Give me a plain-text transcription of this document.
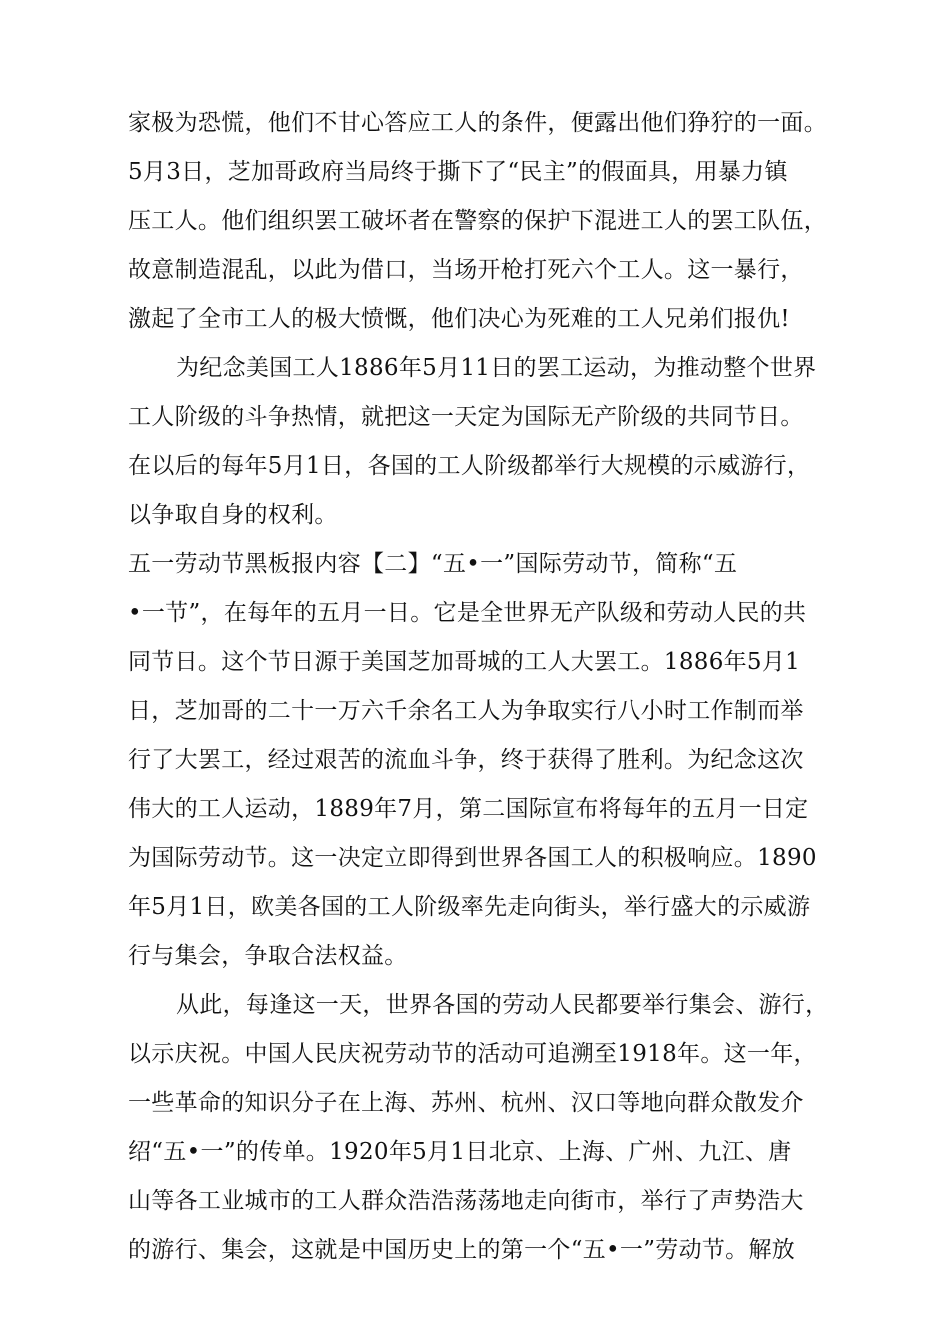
家极为恐慌，他们不甘心答应工人的条件，便露出他们狰狞的一面。
5月3日，芝加哥政府当局终于撕下了“民主”的假面具，用暴力镇
压工人。他们组织罢工破坏者在警察的保护下混进工人的罢工队伍，
故意制造混乱，以此为借口，当场开枪打死六个工人。这一暴行，
激起了全市工人的极大愤慨，他们决心为死难的工人兄弟们报仇!
为纪念美国工人1886年5月11日的罢工运动，为推动整个世界
工人阶级的斗争热情，就把这一天定为国际无产阶级的共同节日。
在以后的每年5月1日，各国的工人阶级都举行大规模的示威游行，
以争取自身的权利。
五一劳动节黑板报内容【二】“五•一”国际劳动节，简称“五
•一节”，在每年的五月一日。它是全世界无产队级和劳动人民的共
同节日。这个节日源于美国芝加哥城的工人大罢工。1886年5月1
日，芝加哥的二十一万六千余名工人为争取实行八小时工作制而举
行了大罢工，经过艰苦的流血斗争，终于获得了胜利。为纪念这次
伟大的工人运动，1889年7月，第二国际宣布将每年的五月一日定
为国际劳动节。这一决定立即得到世界各国工人的积极响应。1890
年5月1日，欧美各国的工人阶级率先走向街头，举行盛大的示威游
行与集会，争取合法权益。
从此，每逢这一天，世界各国的劳动人民都要举行集会、游行，
以示庆祝。中国人民庆祝劳动节的活动可追溯至1918年。这一年，
一些革命的知识分子在上海、苏州、杭州、汉口等地向群众散发介
绍“五•一”的传单。1920年5月1日北京、上海、广州、九江、唐
山等各工业城市的工人群众浩浩荡荡地走向街市，举行了声势浩大
的游行、集会，这就是中国历史上的第一个“五•一”劳动节。解放
